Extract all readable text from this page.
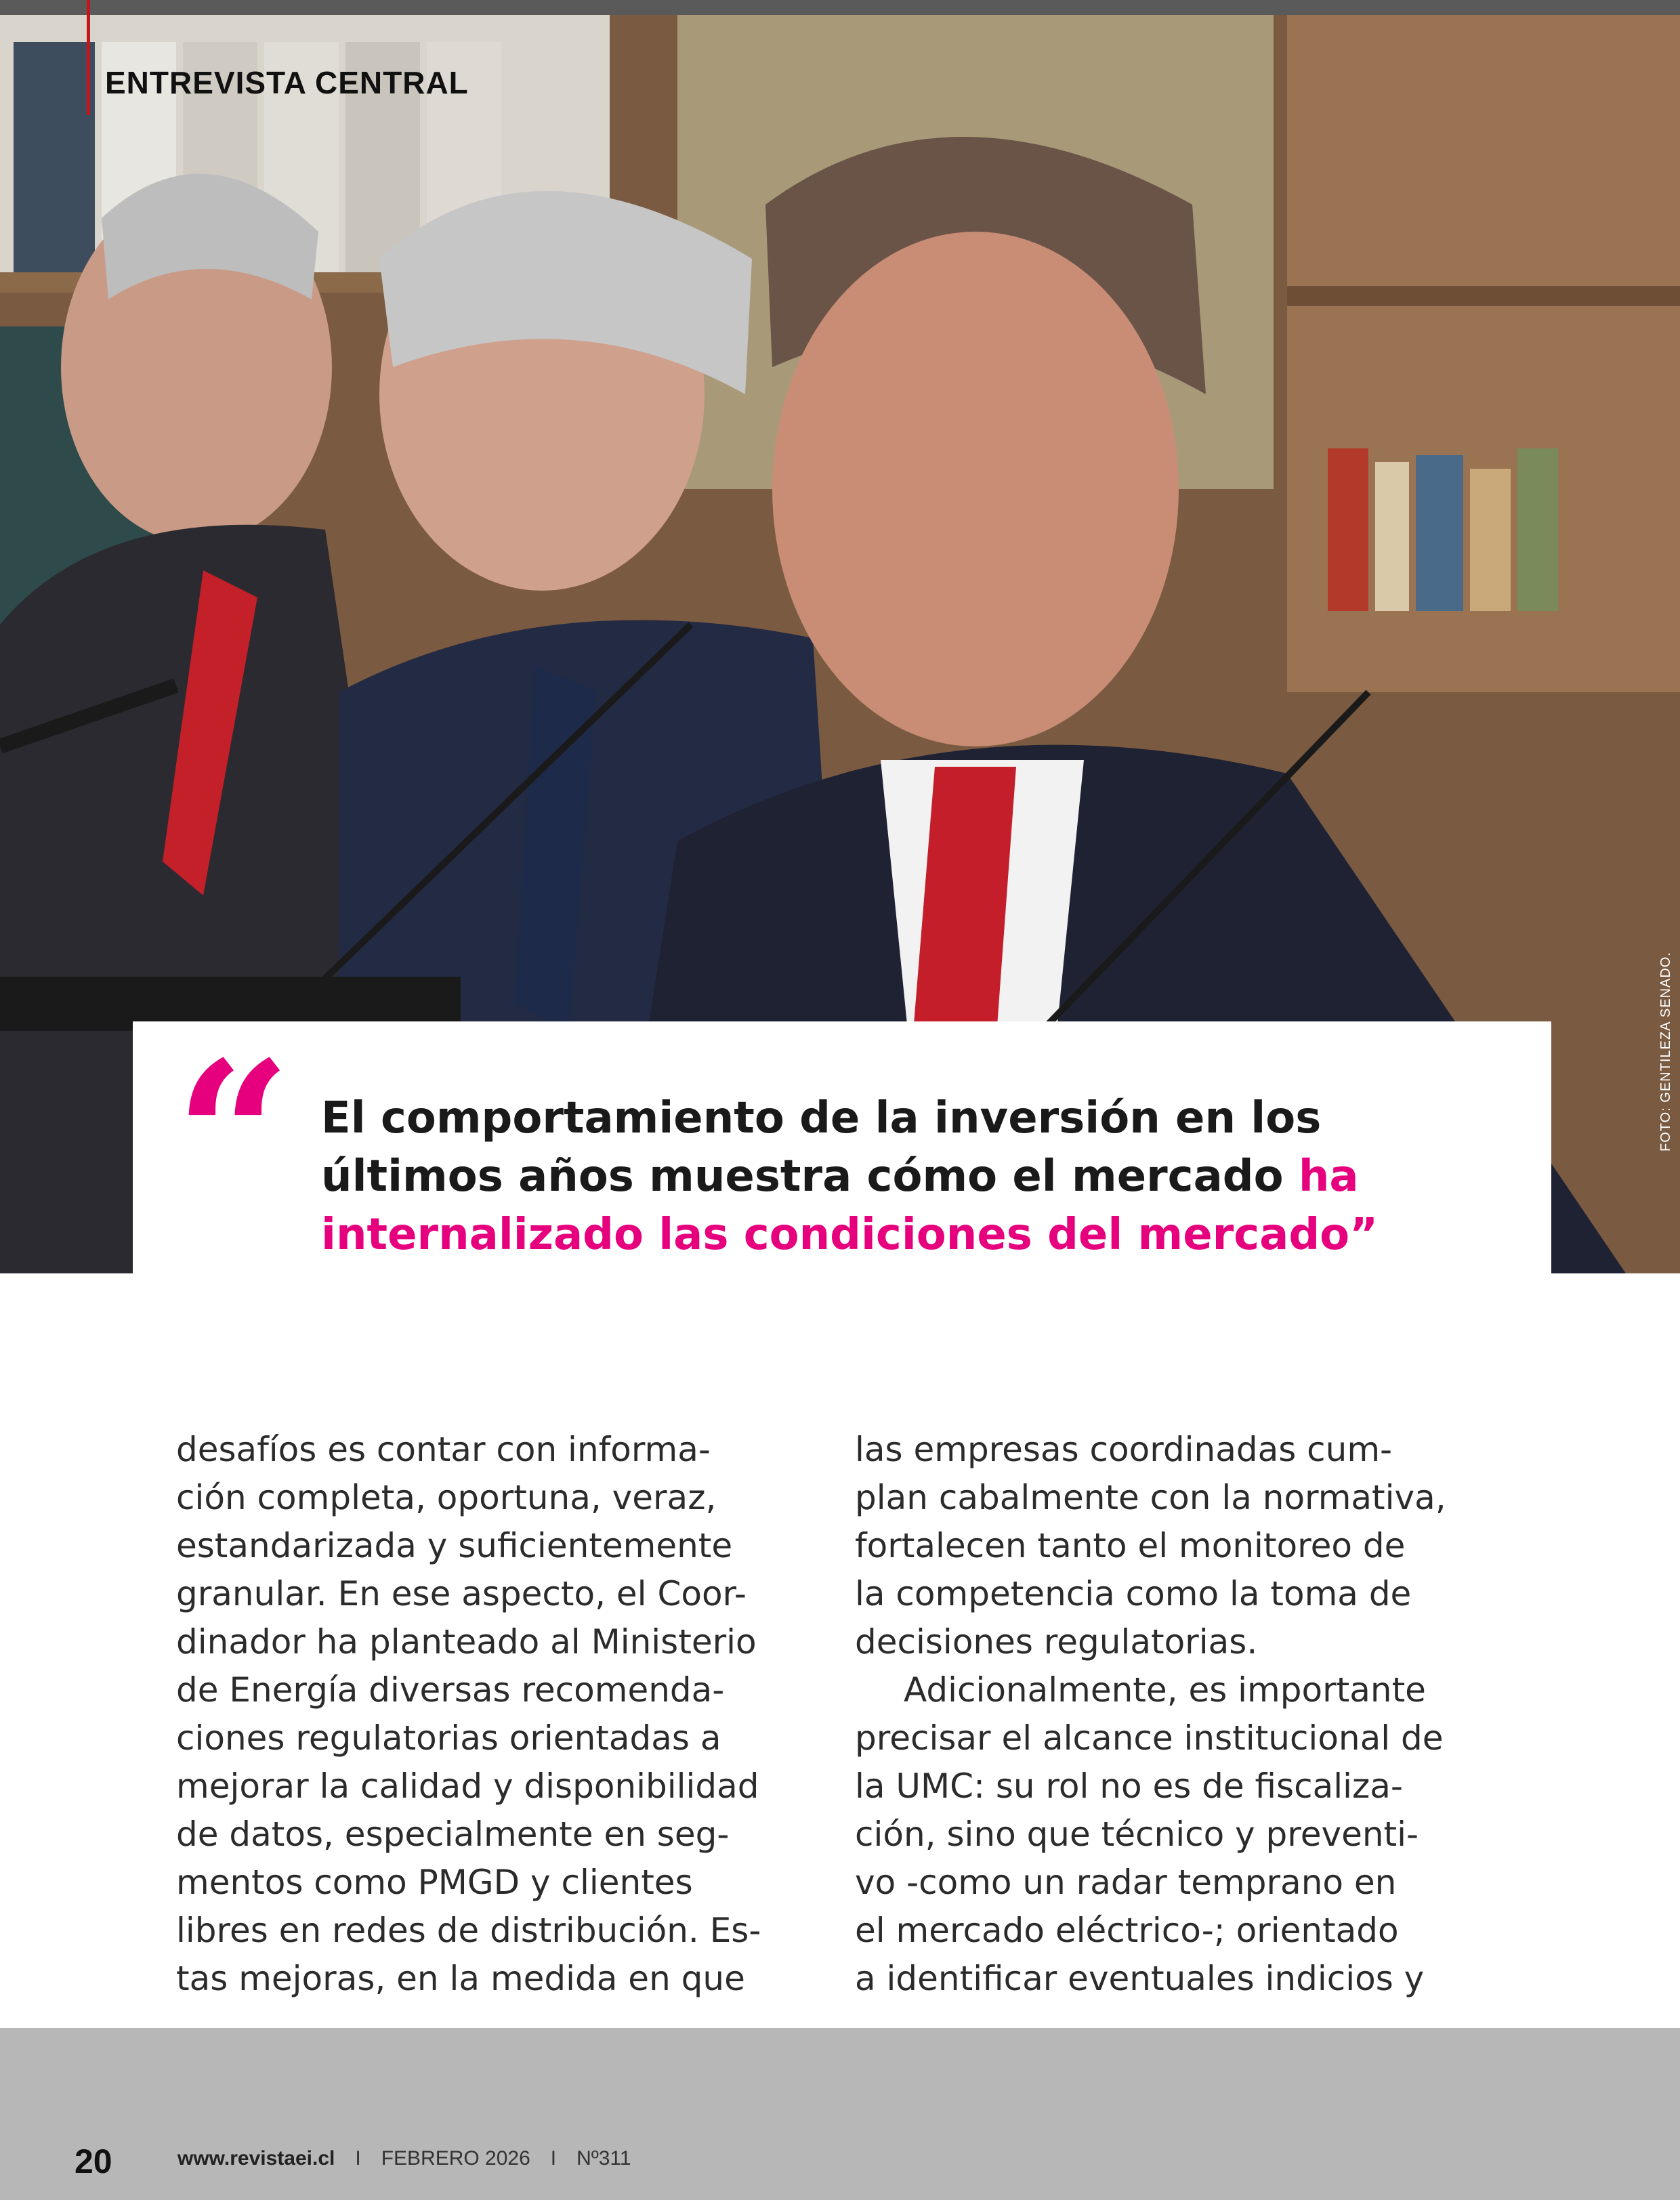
ENTREVISTA CENTRAL
FOTO: GENTILEZA SENADO.
“ El comportamiento de la inversión en los últimos años muestra cómo el mercado ha internalizado las condiciones del mercado”

desafíos es contar con informa-
ción completa, oportuna, veraz,
estandarizada y suficientemente
granular. En ese aspecto, el Coor-
dinador ha planteado al Ministerio
de Energía diversas recomenda-
ciones regulatorias orientadas a
mejorar la calidad y disponibilidad
de datos, especialmente en seg-
mentos como PMGD y clientes
libres en redes de distribución. Es-
tas mejoras, en la medida en que

las empresas coordinadas cum-
plan cabalmente con la normativa,
fortalecen tanto el monitoreo de
la competencia como la toma de
decisiones regulatorias.

Adicionalmente, es importante
precisar el alcance institucional de
la UMC: su rol no es de fiscaliza-
ción, sino que técnico y preventi-
vo -como un radar temprano en
el mercado eléctrico-; orientado
a identificar eventuales indicios y

20	www.revistaei.cl I FEBRERO 2026 I Nº311
